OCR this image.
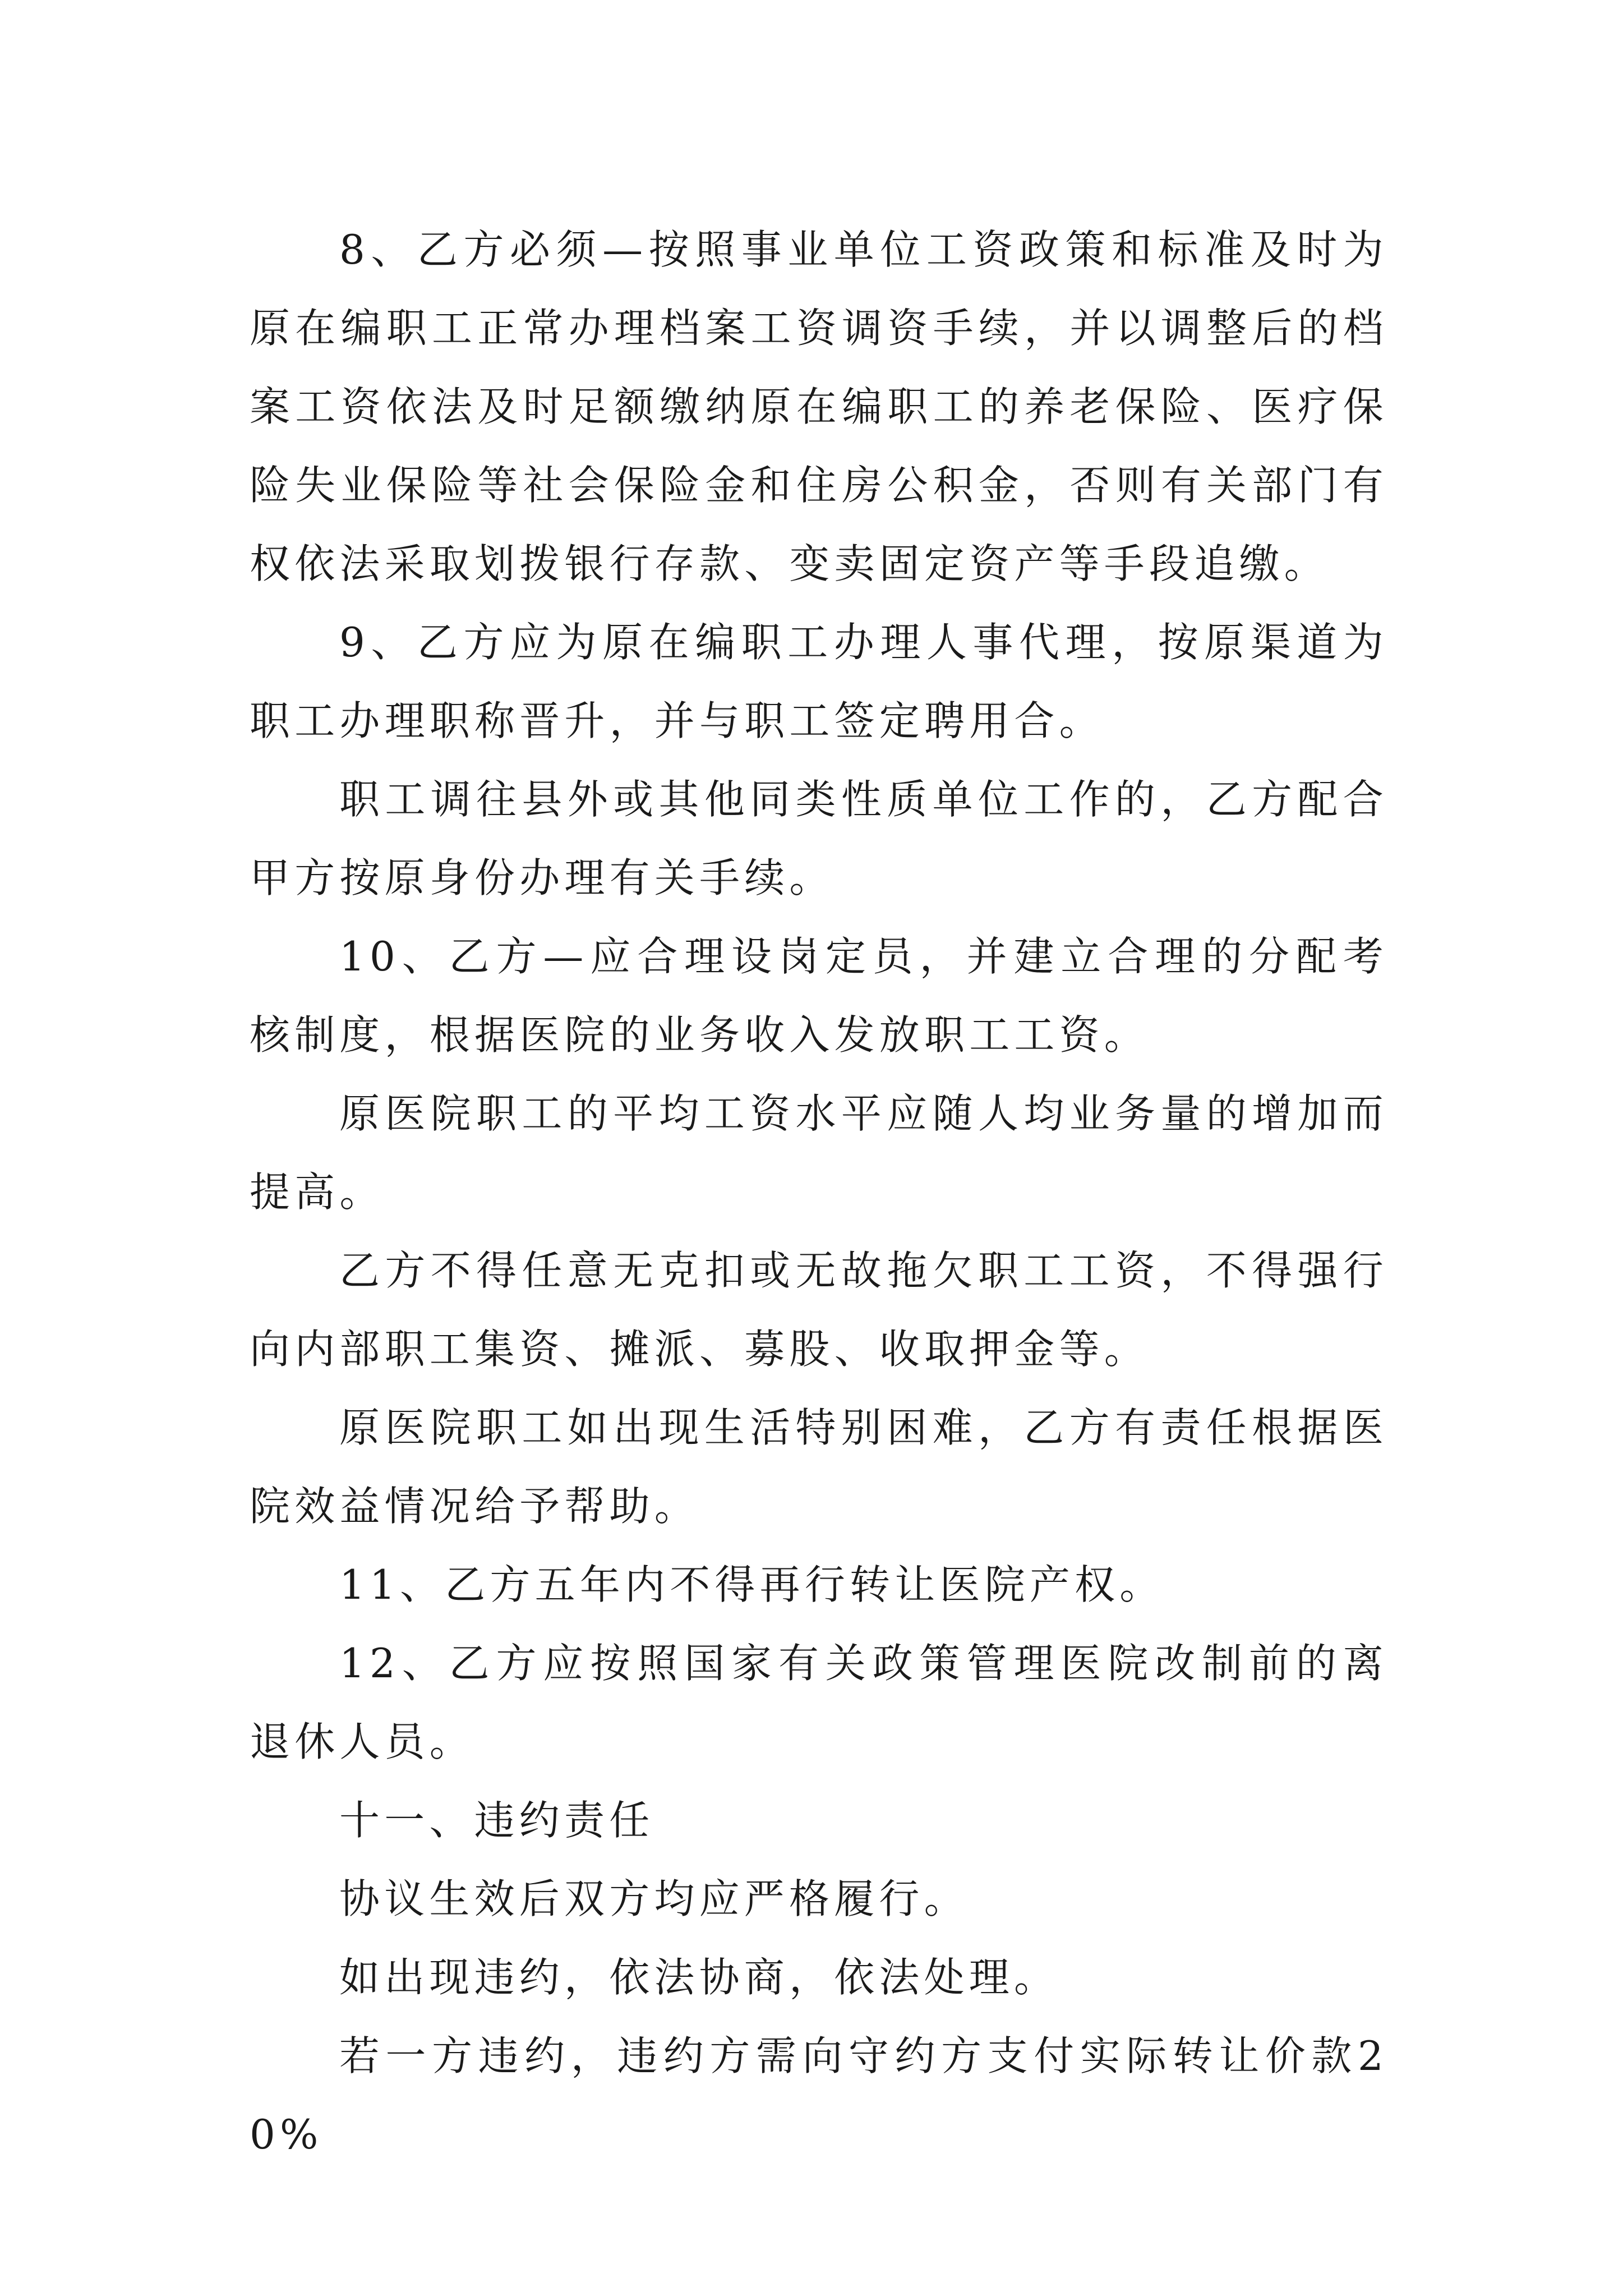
8、乙方必须—按照事业单位工资政策和标准及时为原在编职工正常办理档案工资调资手续，并以调整后的档案工资依法及时足额缴纳原在编职工的养老保险、医疗保险失业保险等社会保险金和住房公积金，否则有关部门有权依法采取划拨银行存款、变卖固定资产等手段追缴。

9、乙方应为原在编职工办理人事代理，按原渠道为职工办理职称晋升，并与职工签定聘用合。

职工调往县外或其他同类性质单位工作的，乙方配合甲方按原身份办理有关手续。

10、乙方—应合理设岗定员，并建立合理的分配考核制度，根据医院的业务收入发放职工工资。

原医院职工的平均工资水平应随人均业务量的增加而提高。

乙方不得任意无克扣或无故拖欠职工工资，不得强行向内部职工集资、摊派、募股、收取押金等。

原医院职工如出现生活特别困难，乙方有责任根据医院效益情况给予帮助。

11、乙方五年内不得再行转让医院产权。

12、乙方应按照国家有关政策管理医院改制前的离退休人员。

十一、违约责任

协议生效后双方均应严格履行。

如出现违约，依法协商，依法处理。

若一方违约，违约方需向守约方支付实际转让价款20%
